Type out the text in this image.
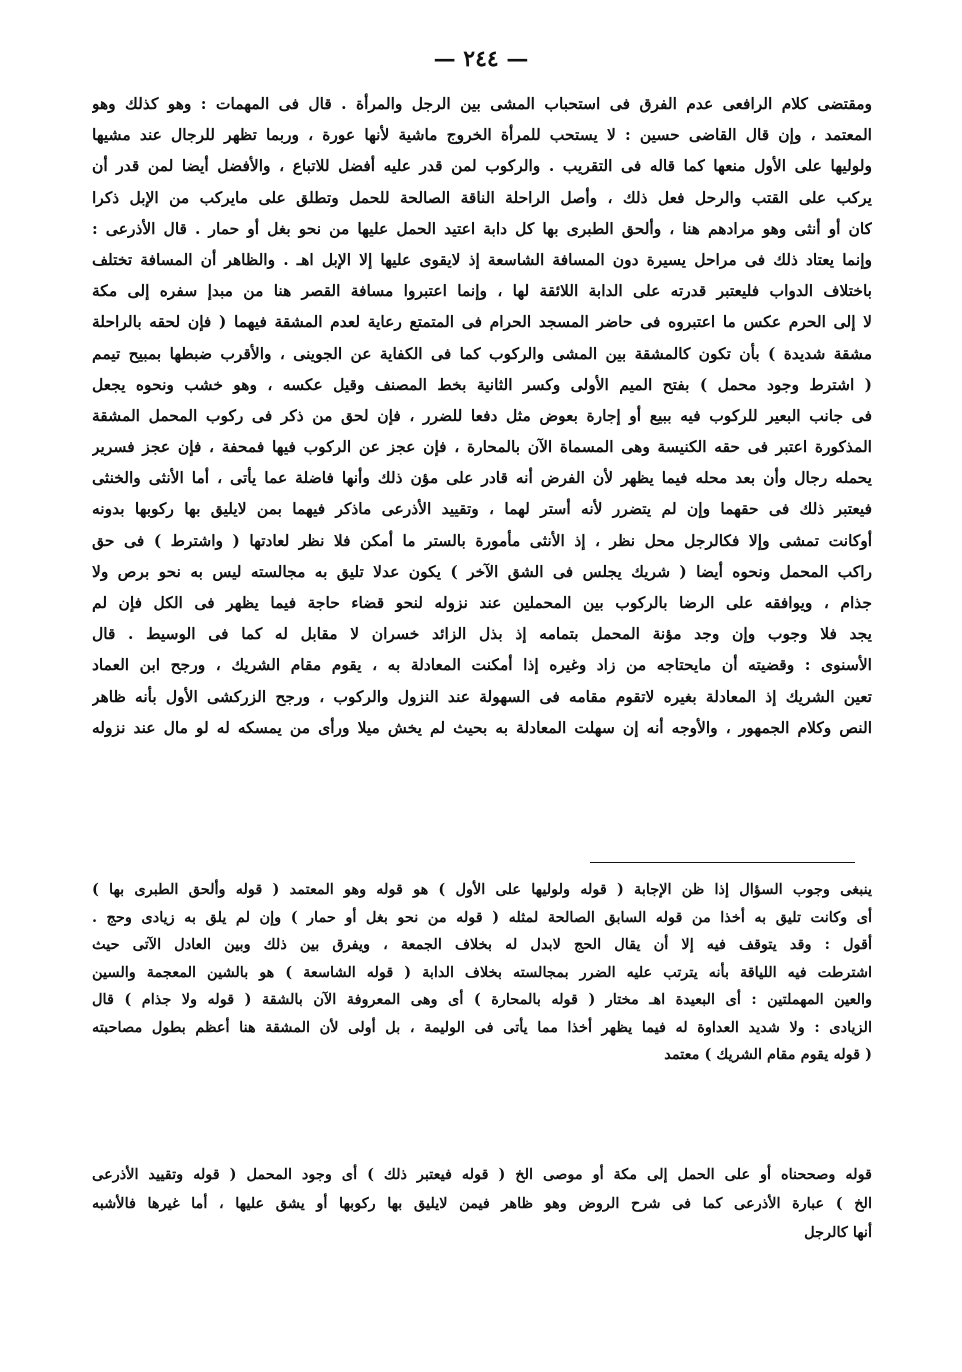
— ٢٤٤ —
ومقتضى كلام الرافعى عدم الفرق فى استحباب المشى بين الرجل والمرأة . قال فى المهمات : وهو كذلك وهو
المعتمد ، وإن قال القاضى حسين : لا يستحب للمرأة الخروج ماشية لأنها عورة ، وربما تظهر للرجال عند مشيها
ولوليها على الأول منعها كما قاله فى التقريب . والركوب لمن قدر عليه أفضل للاتباع ، والأفضل أيضا لمن قدر أن
يركب على القتب والرحل فعل ذلك ، وأصل الراحلة الناقة الصالحة للحمل وتطلق على مايركب من الإبل ذكرا
كان أو أنثى وهو مرادهم هنا ، وألحق الطبرى بها كل دابة اعتيد الحمل عليها من نحو بغل أو حمار . قال الأذرعى :
وإنما يعتاد ذلك فى مراحل يسيرة دون المسافة الشاسعة إذ لايقوى عليها إلا الإبل اهـ . والظاهر أن المسافة تختلف
باختلاف الدواب فليعتبر قدرته على الدابة اللائقة لها ، وإنما اعتبروا مسافة القصر هنا من مبدإ سفره إلى مكة
لا إلى الحرم عكس ما اعتبروه فى حاضر المسجد الحرام فى المتمتع رعاية لعدم المشقة فيهما ( فإن لحقه بالراحلة
مشقة شديدة ) بأن تكون كالمشقة بين المشى والركوب كما فى الكفاية عن الجوينى ، والأقرب ضبطها بمبيح تيمم
( اشترط وجود محمل ) بفتح الميم الأولى وكسر الثانية بخط المصنف وقيل عكسه ، وهو خشب ونحوه يجعل
فى جانب البعير للركوب فيه ببيع أو إجارة بعوض مثل دفعا للضرر ، فإن لحق من ذكر فى ركوب المحمل المشقة
المذكورة اعتبر فى حقه الكنيسة وهى المسماة الآن بالمحارة ، فإن عجز عن الركوب فيها فمحفة ، فإن عجز فسرير
يحمله رجال وأن بعد محله فيما يظهر لأن الفرض أنه قادر على مؤن ذلك وأنها فاضلة عما يأتى ، أما الأنثى والخنثى
فيعتبر ذلك فى حقهما وإن لم يتضرر لأنه أستر لهما ، وتقييد الأذرعى ماذكر فيهما بمن لايليق بها ركوبها بدونه
أوكانت تمشى وإلا فكالرجل محل نظر ، إذ الأنثى مأمورة بالستر ما أمكن فلا نظر لعادتها ( واشترط ) فى حق
راكب المحمل ونحوه أيضا ( شريك يجلس فى الشق الآخر ) يكون عدلا تليق به مجالسته ليس به نحو برص ولا
جذام ، ويوافقه على الرضا بالركوب بين المحملين عند نزوله لنحو قضاء حاجة فيما يظهر فى الكل فإن لم
يجد فلا وجوب وإن وجد مؤنة المحمل بتمامه إذ بذل الزائد خسران لا مقابل له كما فى الوسيط . قال
الأسنوى : وقضيته أن مايحتاجه من زاد وغيره إذا أمكنت المعادلة به ، يقوم مقام الشريك ، ورجح ابن العماد
تعين الشريك إذ المعادلة بغيره لاتقوم مقامه فى السهولة عند النزول والركوب ، ورجح الزركشى الأول بأنه ظاهر
النص وكلام الجمهور ، والأوجه أنه إن سهلت المعادلة به بحيث لم يخش ميلا ورأى من يمسكه له لو مال عند نزوله
ينبغى وجوب السؤال إذا ظن الإجابة ( قوله ولوليها على الأول ) هو قوله وهو المعتمد ( قوله وألحق الطبرى بها )
أى وكانت تليق به أخذا من قوله السابق الصالحة لمثله ( قوله من نحو بغل أو حمار ) وإن لم يلق به زيادى وحج .
أقول : وقد يتوقف فيه إلا أن يقال الحج لابدل له بخلاف الجمعة ، ويفرق بين ذلك وبين العادل الآتى حيث
اشترطت فيه اللياقة بأنه يترتب عليه الضرر بمجالسته بخلاف الدابة ( قوله الشاسعة ) هو بالشين المعجمة والسين
والعين المهملتين : أى البعيدة اهـ مختار ( قوله بالمحارة ) أى وهى المعروفة الآن بالشقة ( قوله ولا جذام ) قال
الزيادى : ولا شديد العداوة له فيما يظهر أخذا مما يأتى فى الوليمة ، بل أولى لأن المشقة هنا أعظم بطول مصاحبته
( قوله يقوم مقام الشريك ) معتمد
قوله وصححناه أو على الحمل إلى مكة أو موصى الخ ( قوله فيعتبر ذلك ) أى وجود المحمل ( قوله وتقييد الأذرعى
الخ ) عبارة الأذرعى كما فى شرح الروض وهو ظاهر فيمن لايليق بها ركوبها أو يشق عليها ، أما غيرها فالأشبه
أنها كالرجل
